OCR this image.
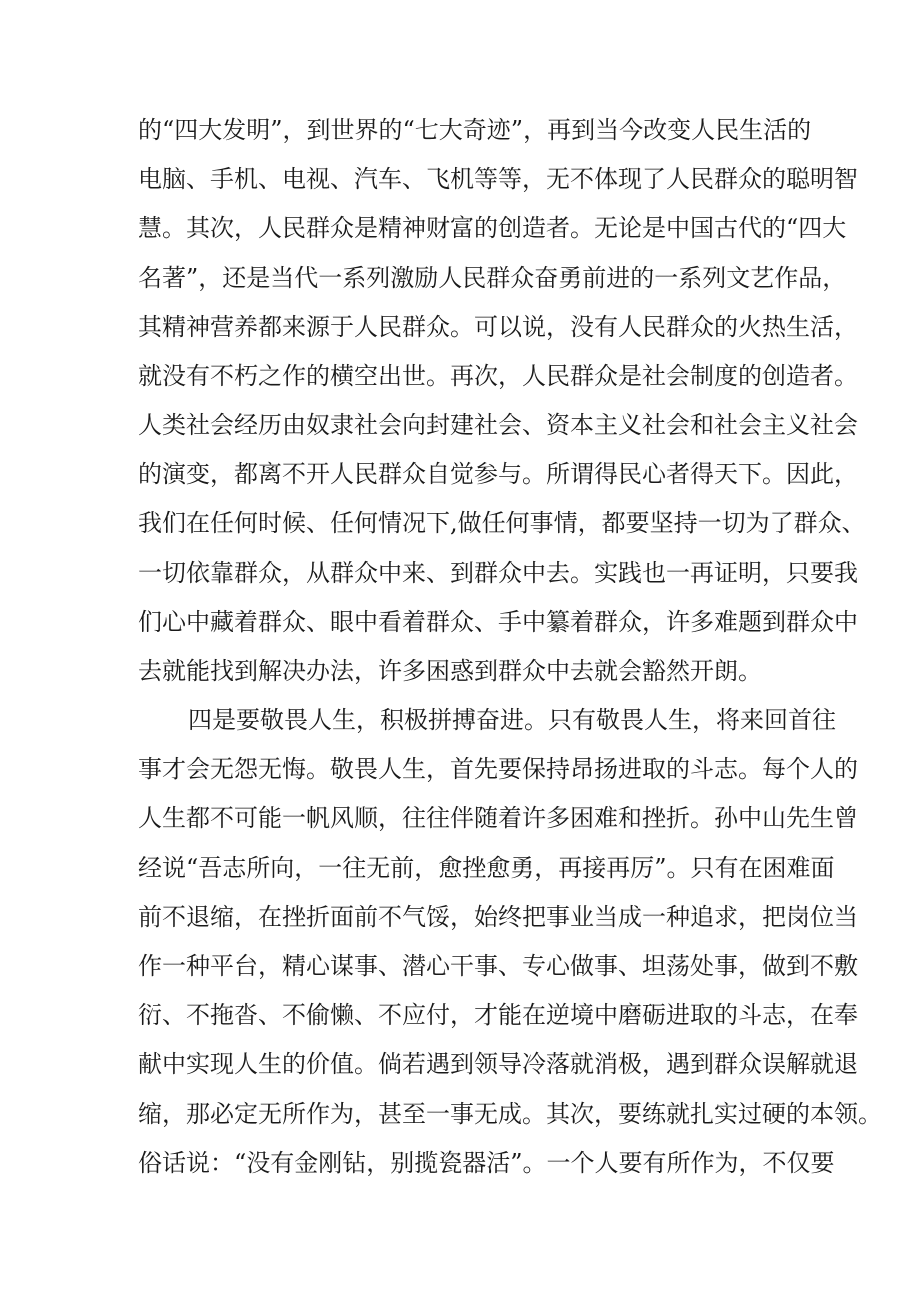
的“四大发明”，到世界的“七大奇迹”，再到当今改变人民生活的
电脑、手机、电视、汽车、飞机等等，无不体现了人民群众的聪明智
慧。其次，人民群众是精神财富的创造者。无论是中国古代的“四大
名著”，还是当代一系列激励人民群众奋勇前进的一系列文艺作品，
其精神营养都来源于人民群众。可以说，没有人民群众的火热生活，
就没有不朽之作的横空出世。再次，人民群众是社会制度的创造者。
人类社会经历由奴隶社会向封建社会、资本主义社会和社会主义社会
的演变，都离不开人民群众自觉参与。所谓得民心者得天下。因此，
我们在任何时候、任何情况下,做任何事情，都要坚持一切为了群众、
一切依靠群众，从群众中来、到群众中去。实践也一再证明，只要我
们心中藏着群众、眼中看着群众、手中纂着群众，许多难题到群众中
去就能找到解决办法，许多困惑到群众中去就会豁然开朗。
四是要敬畏人生，积极拼搏奋进。只有敬畏人生，将来回首往
事才会无怨无悔。敬畏人生，首先要保持昂扬进取的斗志。每个人的
人生都不可能一帆风顺，往往伴随着许多困难和挫折。孙中山先生曾
经说“吾志所向，一往无前，愈挫愈勇，再接再厉”。只有在困难面
前不退缩，在挫折面前不气馁，始终把事业当成一种追求，把岗位当
作一种平台，精心谋事、潜心干事、专心做事、坦荡处事，做到不敷
衍、不拖沓、不偷懒、不应付，才能在逆境中磨砺进取的斗志，在奉
献中实现人生的价值。倘若遇到领导冷落就消极，遇到群众误解就退
缩，那必定无所作为，甚至一事无成。其次，要练就扎实过硬的本领。
俗话说：“没有金刚钻，别揽瓷器活”。一个人要有所作为，不仅要
